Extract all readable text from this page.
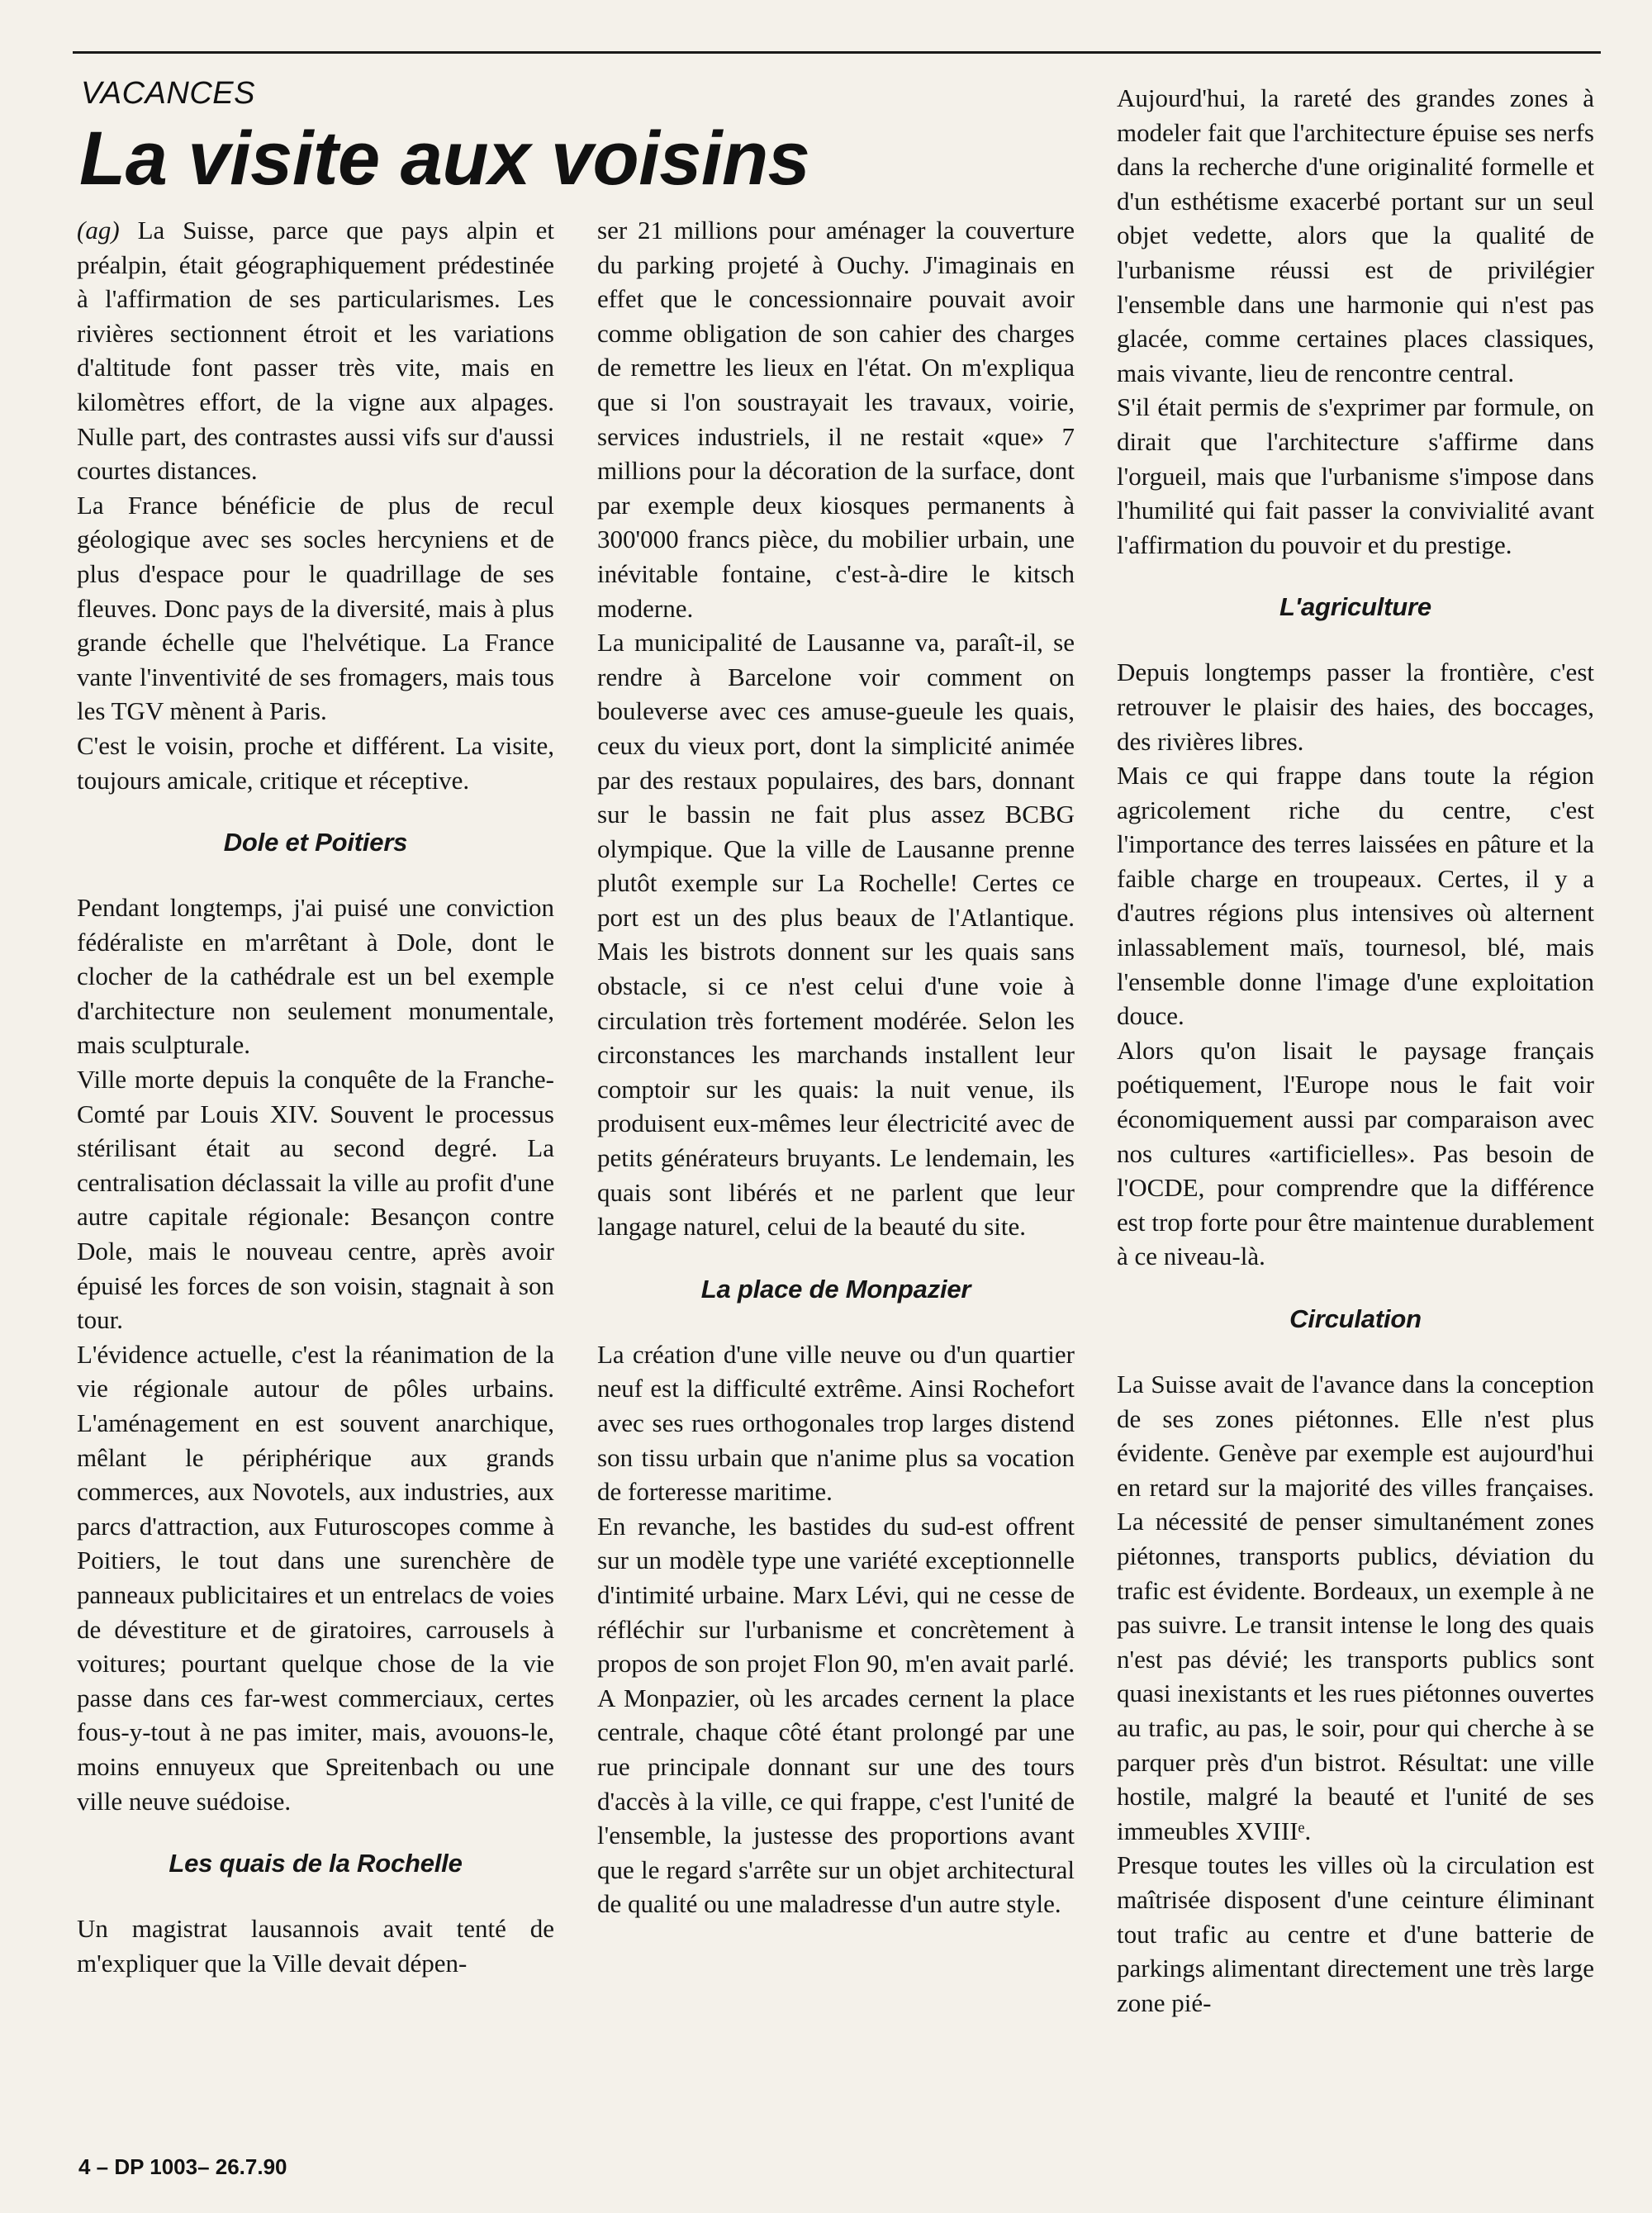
VACANCES
La visite aux voisins

(ag) La Suisse, parce que pays alpin et préalpin, était géographiquement prédestinée à l'affirmation de ses particularismes. Les rivières sectionnent étroit et les variations d'altitude font passer très vite, mais en kilomètres effort, de la vigne aux alpages. Nulle part, des contrastes aussi vifs sur d'aussi courtes distances.

La France bénéficie de plus de recul géologique avec ses socles hercyniens et de plus d'espace pour le quadrillage de ses fleuves. Donc pays de la diversité, mais à plus grande échelle que l'helvétique. La France vante l'inventivité de ses fromagers, mais tous les TGV mènent à Paris.

C'est le voisin, proche et différent. La visite, toujours amicale, critique et réceptive.

Dole et Poitiers

Pendant longtemps, j'ai puisé une conviction fédéraliste en m'arrêtant à Dole, dont le clocher de la cathédrale est un bel exemple d'architecture non seulement monumentale, mais sculpturale.

Ville morte depuis la conquête de la Franche-Comté par Louis XIV. Souvent le processus stérilisant était au second degré. La centralisation déclassait la ville au profit d'une autre capitale régionale: Besançon contre Dole, mais le nouveau centre, après avoir épuisé les forces de son voisin, stagnait à son tour.

L'évidence actuelle, c'est la réanimation de la vie régionale autour de pôles urbains. L'aménagement en est souvent anarchique, mêlant le périphérique aux grands commerces, aux Novotels, aux industries, aux parcs d'attraction, aux Futuroscopes comme à Poitiers, le tout dans une surenchère de panneaux publicitaires et un entrelacs de voies de dévestiture et de giratoires, carrousels à voitures; pourtant quelque chose de la vie passe dans ces far-west commerciaux, certes fous-y-tout à ne pas imiter, mais, avouons-le, moins ennuyeux que Spreitenbach ou une ville neuve suédoise.

Les quais de la Rochelle

Un magistrat lausannois avait tenté de m'expliquer que la Ville devait dépen-

ser 21 millions pour aménager la couverture du parking projeté à Ouchy. J'imaginais en effet que le concessionnaire pouvait avoir comme obligation de son cahier des charges de remettre les lieux en l'état. On m'expliqua que si l'on soustrayait les travaux, voirie, services industriels, il ne restait «que» 7 millions pour la décoration de la surface, dont par exemple deux kiosques permanents à 300'000 francs pièce, du mobilier urbain, une inévitable fontaine, c'est-à-dire le kitsch moderne.

La municipalité de Lausanne va, paraît-il, se rendre à Barcelone voir comment on bouleverse avec ces amuse-gueule les quais, ceux du vieux port, dont la simplicité animée par des restaux populaires, des bars, donnant sur le bassin ne fait plus assez BCBG olympique. Que la ville de Lausanne prenne plutôt exemple sur La Rochelle! Certes ce port est un des plus beaux de l'Atlantique. Mais les bistrots donnent sur les quais sans obstacle, si ce n'est celui d'une voie à circulation très fortement modérée. Selon les circonstances les marchands installent leur comptoir sur les quais: la nuit venue, ils produisent eux-mêmes leur électricité avec de petits générateurs bruyants. Le lendemain, les quais sont libérés et ne parlent que leur langage naturel, celui de la beauté du site.

La place de Monpazier

La création d'une ville neuve ou d'un quartier neuf est la difficulté extrême. Ainsi Rochefort avec ses rues orthogonales trop larges distend son tissu urbain que n'anime plus sa vocation de forteresse maritime.

En revanche, les bastides du sud-est offrent sur un modèle type une variété exceptionnelle d'intimité urbaine. Marx Lévi, qui ne cesse de réfléchir sur l'urbanisme et concrètement à propos de son projet Flon 90, m'en avait parlé. A Monpazier, où les arcades cernent la place centrale, chaque côté étant prolongé par une rue principale donnant sur une des tours d'accès à la ville, ce qui frappe, c'est l'unité de l'ensemble, la justesse des proportions avant que le regard s'arrête sur un objet architectural de qualité ou une maladresse d'un autre style.

Aujourd'hui, la rareté des grandes zones à modeler fait que l'architecture épuise ses nerfs dans la recherche d'une originalité formelle et d'un esthétisme exacerbé portant sur un seul objet vedette, alors que la qualité de l'urbanisme réussi est de privilégier l'ensemble dans une harmonie qui n'est pas glacée, comme certaines places classiques, mais vivante, lieu de rencontre central.

S'il était permis de s'exprimer par formule, on dirait que l'architecture s'affirme dans l'orgueil, mais que l'urbanisme s'impose dans l'humilité qui fait passer la convivialité avant l'affirmation du pouvoir et du prestige.

L'agriculture

Depuis longtemps passer la frontière, c'est retrouver le plaisir des haies, des boccages, des rivières libres.

Mais ce qui frappe dans toute la région agricolement riche du centre, c'est l'importance des terres laissées en pâture et la faible charge en troupeaux. Certes, il y a d'autres régions plus intensives où alternent inlassablement maïs, tournesol, blé, mais l'ensemble donne l'image d'une exploitation douce.

Alors qu'on lisait le paysage français poétiquement, l'Europe nous le fait voir économiquement aussi par comparaison avec nos cultures «artificielles». Pas besoin de l'OCDE, pour comprendre que la différence est trop forte pour être maintenue durablement à ce niveau-là.

Circulation

La Suisse avait de l'avance dans la conception de ses zones piétonnes. Elle n'est plus évidente. Genève par exemple est aujourd'hui en retard sur la majorité des villes françaises. La nécessité de penser simultanément zones piétonnes, transports publics, déviation du trafic est évidente. Bordeaux, un exemple à ne pas suivre. Le transit intense le long des quais n'est pas dévié; les transports publics sont quasi inexistants et les rues piétonnes ouvertes au trafic, au pas, le soir, pour qui cherche à se parquer près d'un bistrot. Résultat: une ville hostile, malgré la beauté et l'unité de ses immeubles XVIIIᵉ.

Presque toutes les villes où la circulation est maîtrisée disposent d'une ceinture éliminant tout trafic au centre et d'une batterie de parkings alimentant directement une très large zone pié-

4 – DP 1003– 26.7.90
